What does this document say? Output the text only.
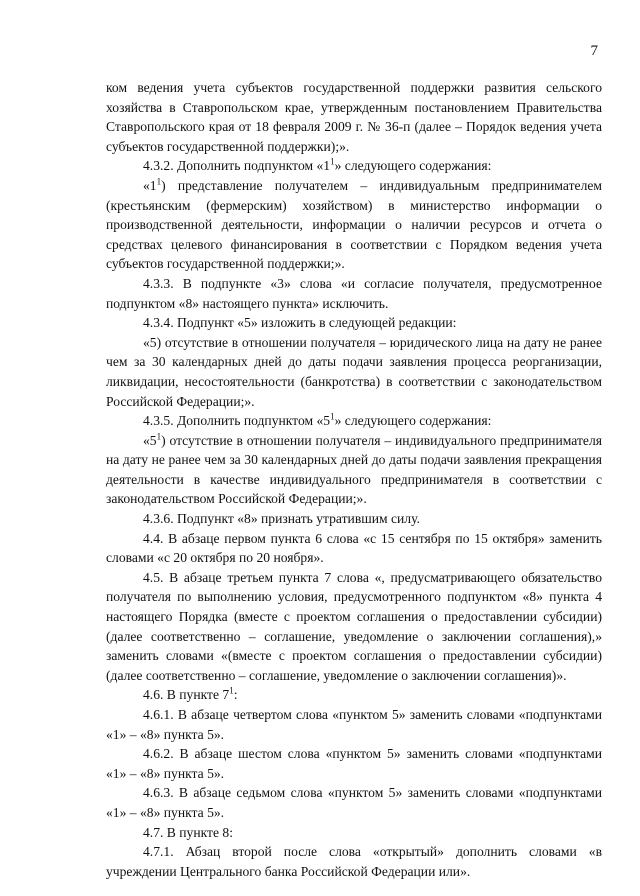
7

ком ведения учета субъектов государственной поддержки развития сельского хозяйства в Ставропольском крае, утвержденным постановлением Правительства Ставропольского края от 18 февраля 2009 г. № 36-п (далее – Порядок ведения учета субъектов государственной поддержки);».

4.3.2. Дополнить подпунктом «$1^1$» следующего содержания:

«$1^1$) представление получателем – индивидуальным предпринимателем (крестьянским (фермерским) хозяйством) в министерство информации о производственной деятельности, информации о наличии ресурсов и отчета о средствах целевого финансирования в соответствии с Порядком ведения учета субъектов государственной поддержки;».

4.3.3. В подпункте «3» слова «и согласие получателя, предусмотренное подпунктом «8» настоящего пункта» исключить.

4.3.4. Подпункт «5» изложить в следующей редакции:

«5) отсутствие в отношении получателя – юридического лица на дату не ранее чем за 30 календарных дней до даты подачи заявления процесса реорганизации, ликвидации, несостоятельности (банкротства) в соответствии с законодательством Российской Федерации;».

4.3.5. Дополнить подпунктом «$5^1$» следующего содержания:

«$5^1$) отсутствие в отношении получателя – индивидуального предпринимателя на дату не ранее чем за 30 календарных дней до даты подачи заявления прекращения деятельности в качестве индивидуального предпринимателя в соответствии с законодательством Российской Федерации;».

4.3.6. Подпункт «8» признать утратившим силу.

4.4. В абзаце первом пункта 6 слова «с 15 сентября по 15 октября» заменить словами «с 20 октября по 20 ноября».

4.5. В абзаце третьем пункта 7 слова «, предусматривающего обязательство получателя по выполнению условия, предусмотренного подпунктом «8» пункта 4 настоящего Порядка (вместе с проектом соглашения о предоставлении субсидии) (далее соответственно – соглашение, уведомление о заключении соглашения),» заменить словами «(вместе с проектом соглашения о предоставлении субсидии) (далее соответственно – соглашение, уведомление о заключении соглашения)».

4.6. В пункте $7^1$:

4.6.1. В абзаце четвертом слова «пунктом 5» заменить словами «подпунктами «1» – «8» пункта 5».

4.6.2. В абзаце шестом слова «пунктом 5» заменить словами «подпунктами «1» – «8» пункта 5».

4.6.3. В абзаце седьмом слова «пунктом 5» заменить словами «подпунктами «1» – «8» пункта 5».

4.7. В пункте 8:

4.7.1. Абзац второй после слова «открытый» дополнить словами «в учреждении Центрального банка Российской Федерации или».
